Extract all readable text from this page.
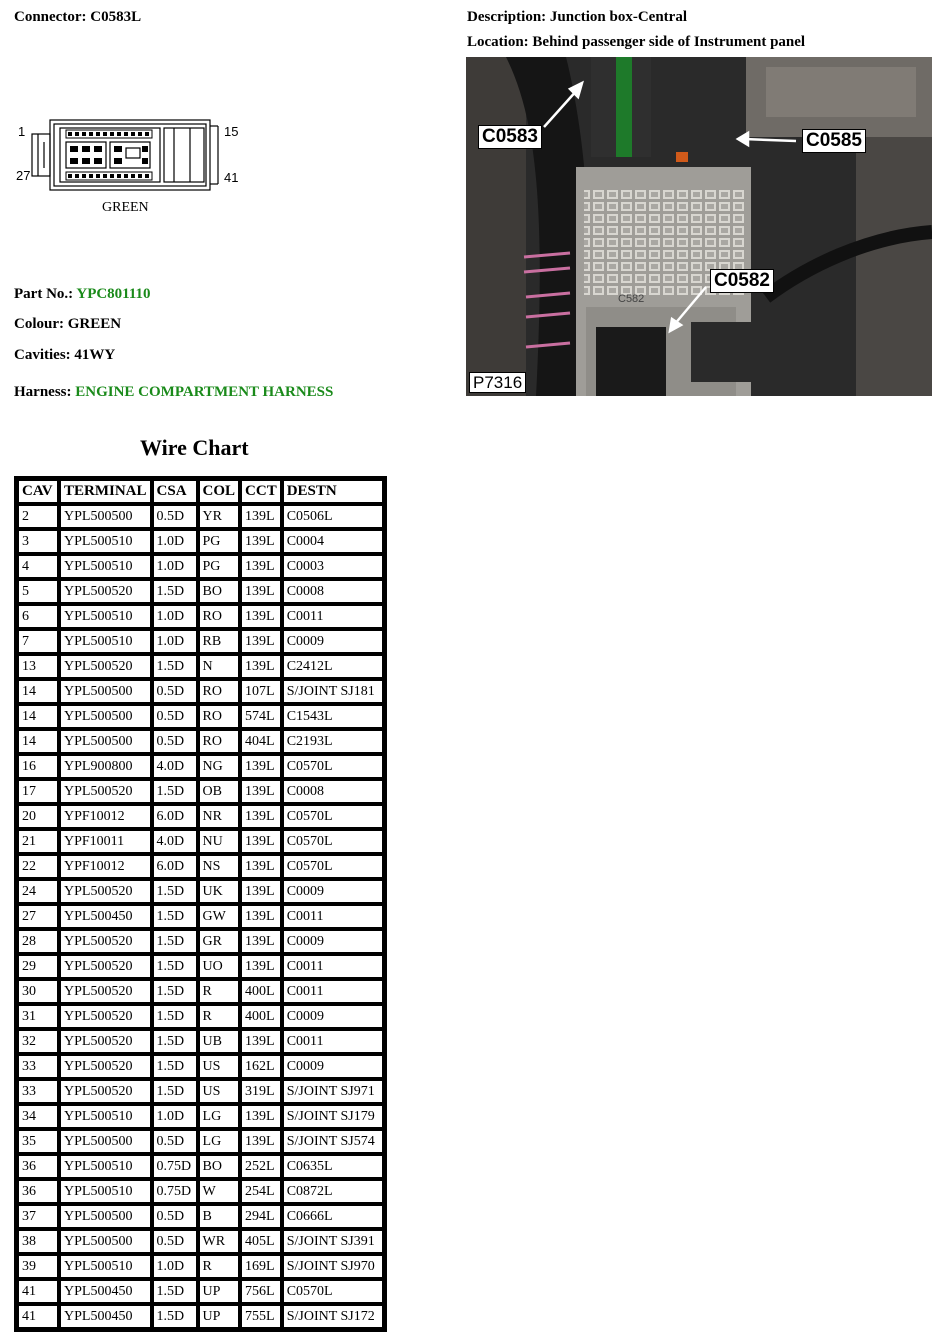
Connector: C0583L	Description: Junction box-Central
Location: Behind passenger side of Instrument panel
1
27
15
41
GREEN
C0583	C0585
C0582
C582
P7316
Part No.: YPC801110
Colour: GREEN
Cavities: 41WY
Harness: ENGINE COMPARTMENT HARNESS
Wire Chart
CAV	TERMINAL	CSA	COL	CCT	DESTN
2	YPL500500	0.5D	YR	139L	C0506L
3	YPL500510	1.0D	PG	139L	C0004
4	YPL500510	1.0D	PG	139L	C0003
5	YPL500520	1.5D	BO	139L	C0008
6	YPL500510	1.0D	RO	139L	C0011
7	YPL500510	1.0D	RB	139L	C0009
13	YPL500520	1.5D	N	139L	C2412L
14	YPL500500	0.5D	RO	107L	S/JOINT SJ181
14	YPL500500	0.5D	RO	574L	C1543L
14	YPL500500	0.5D	RO	404L	C2193L
16	YPL900800	4.0D	NG	139L	C0570L
17	YPL500520	1.5D	OB	139L	C0008
20	YPF10012	6.0D	NR	139L	C0570L
21	YPF10011	4.0D	NU	139L	C0570L
22	YPF10012	6.0D	NS	139L	C0570L
24	YPL500520	1.5D	UK	139L	C0009
27	YPL500450	1.5D	GW	139L	C0011
28	YPL500520	1.5D	GR	139L	C0009
29	YPL500520	1.5D	UO	139L	C0011
30	YPL500520	1.5D	R	400L	C0011
31	YPL500520	1.5D	R	400L	C0009
32	YPL500520	1.5D	UB	139L	C0011
33	YPL500520	1.5D	US	162L	C0009
33	YPL500520	1.5D	US	319L	S/JOINT SJ971
34	YPL500510	1.0D	LG	139L	S/JOINT SJ179
35	YPL500500	0.5D	LG	139L	S/JOINT SJ574
36	YPL500510	0.75D	BO	252L	C0635L
36	YPL500510	0.75D	W	254L	C0872L
37	YPL500500	0.5D	B	294L	C0666L
38	YPL500500	0.5D	WR	405L	S/JOINT SJ391
39	YPL500510	1.0D	R	169L	S/JOINT SJ970
41	YPL500450	1.5D	UP	756L	C0570L
41	YPL500450	1.5D	UP	755L	S/JOINT SJ172
